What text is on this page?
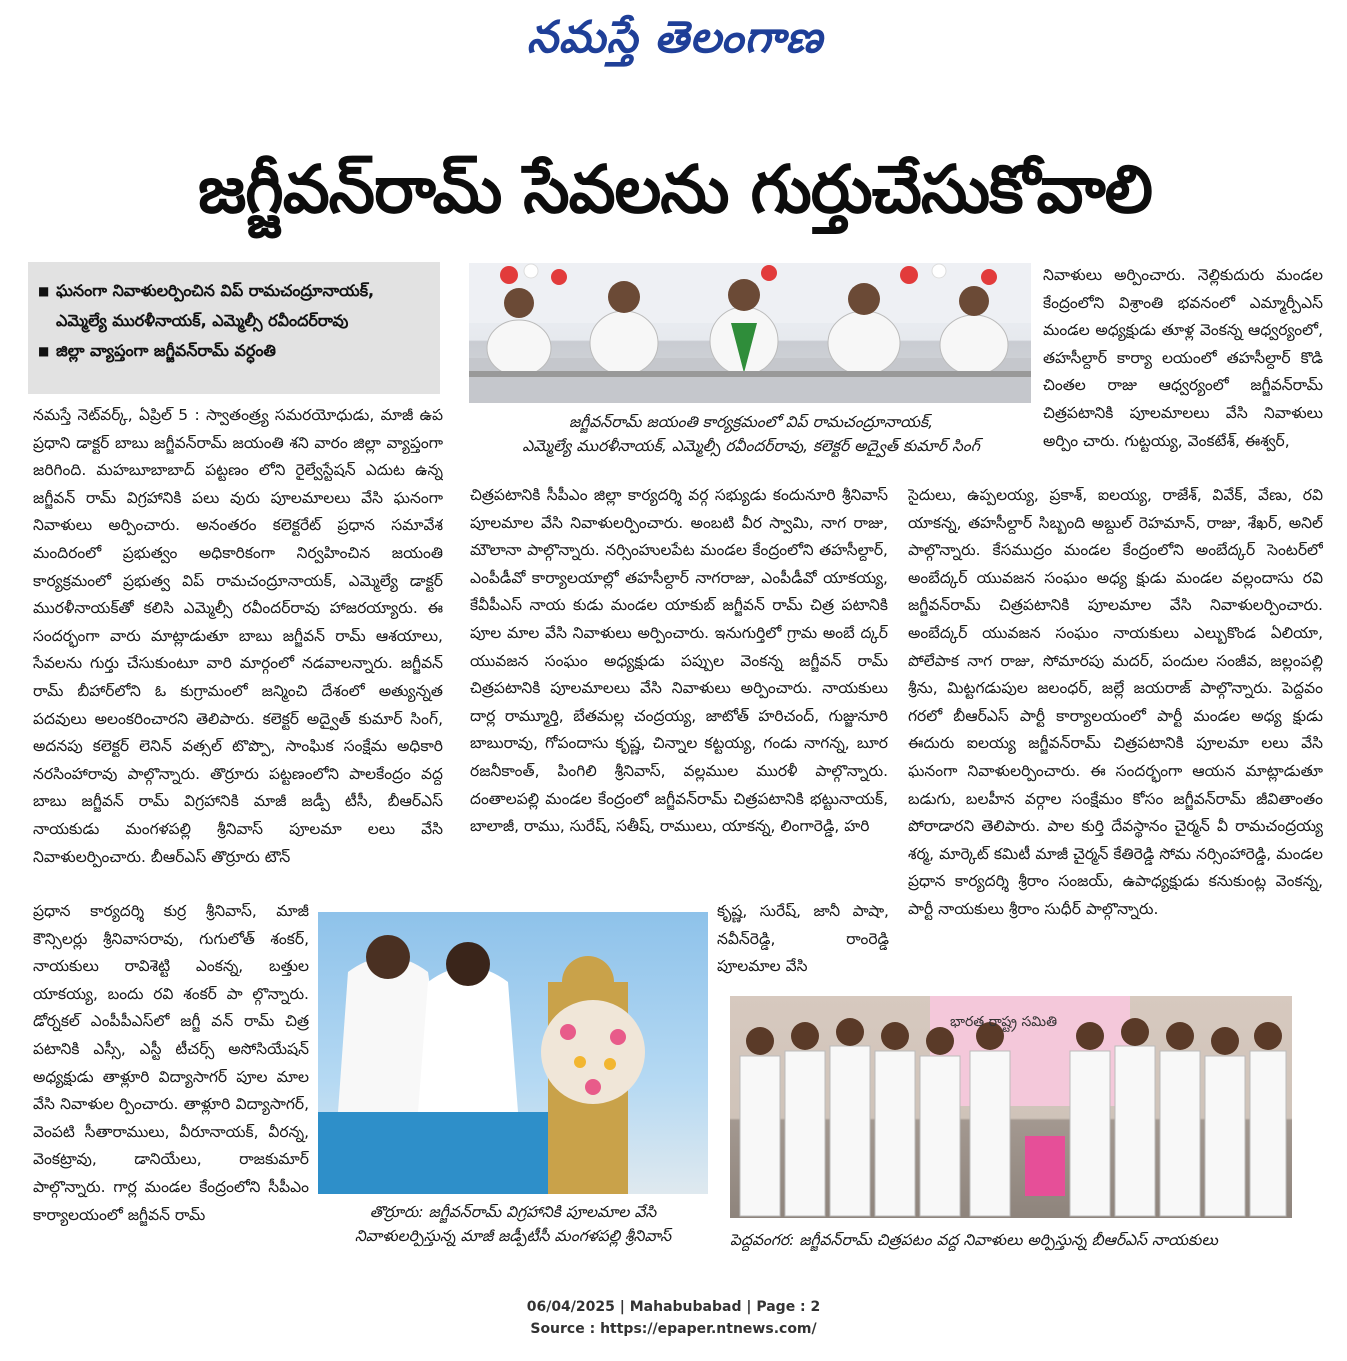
నమస్తే తెలంగాణ
జగ్జీవన్‌రామ్ సేవలను గుర్తుచేసుకోవాలి
■ ఘనంగా నివాళులర్పించిన విప్ రామచంద్రూనాయక్,
ఎమ్మెల్యే మురళీనాయక్, ఎమ్మెల్సీ రవీందర్‌రావు
■ జిల్లా వ్యాప్తంగా జగ్జీవన్‌రామ్ వర్ధంతి
జగ్జీవన్‌రామ్ జయంతి కార్యక్రమంలో విప్ రామచంద్రూనాయక్,
ఎమ్మెల్యే మురళీనాయక్, ఎమ్మెల్సీ రవీందర్‌రావు, కలెక్టర్ అద్వైత్ కుమార్ సింగ్

నమస్తే నెట్‌వర్క్, ఏప్రిల్ 5 : స్వాతంత్ర్య సమరయోధుడు, మాజీ ఉప ప్రధాని డాక్టర్ బాబు జగ్జీవన్‌రామ్ జయంతి శని వారం జిల్లా వ్యాప్తంగా జరిగింది. మహబూబాబాద్ పట్టణం లోని రైల్వేస్టేషన్ ఎదుట ఉన్న జగ్జీవన్ రామ్ విగ్రహానికి పలు వురు పూలమాలలు వేసి ఘనంగా నివాళులు అర్పించారు. అనంతరం కలెక్టరేట్ ప్రధాన సమావేశ మందిరంలో ప్రభుత్వం అధికారికంగా నిర్వహించిన జయంతి కార్యక్రమంలో ప్రభుత్వ విప్ రామచంద్రూనాయక్, ఎమ్మెల్యే డాక్టర్ మురళీనాయక్‌తో కలిసి ఎమ్మెల్సీ రవీందర్‌రావు హాజరయ్యారు. ఈ సందర్భంగా వారు మాట్లాడుతూ బాబు జగ్జీవన్ రామ్ ఆశయాలు, సేవలను గుర్తు చేసుకుంటూ వారి మార్గంలో నడవాలన్నారు. జగ్జీవన్ రామ్ బీహార్‌లోని ఓ కుగ్రామంలో జన్మించి దేశంలో అత్యున్నత పదవులు అలంకరించారని తెలిపారు. కలెక్టర్ అద్వైత్ కుమార్ సింగ్, అదనపు కలెక్టర్ లెనిన్ వత్సల్ టొప్పొ, సాంఘిక సంక్షేమ అధికారి నరసింహారావు పాల్గొన్నారు. తొర్రూరు పట్టణంలోని పాలకేంద్రం వద్ద బాబు జగ్జీవన్ రామ్ విగ్రహానికి మాజీ జడ్పీ టీసీ, బీఆర్‌ఎస్ నాయకుడు మంగళపల్లి శ్రీనివాస్ పూలమా లలు వేసి నివాళులర్పించారు. బీఆర్‌ఎస్ తొర్రూరు టౌన్

ప్రధాన కార్యదర్శి కుర్ర శ్రీనివాస్, మాజీ కౌన్సిలర్లు శ్రీనివాసరావు, గుగులోత్ శంకర్, నాయకులు రావిశెట్టి ఎంకన్న, బత్తుల యాకయ్య, బందు రవి శంకర్ పా ల్గొన్నారు. డోర్నకల్ ఎంపీపీఎస్‌లో జగ్జీ వన్ రామ్ చిత్ర పటానికి ఎస్సీ, ఎస్టీ టీచర్స్ అసోసియేషన్ అధ్యక్షుడు తాళ్లూరి విద్యాసాగర్ పూల మాల వేసి నివాళుల ర్పించారు. తాళ్లూరి విద్యాసాగర్, వెంపటి సీతారాములు, వీరూనాయక్, వీరన్న, వెంకట్రావు, డానియేలు, రాజకుమార్ పాల్గొన్నారు. గార్ల మండల కేంద్రంలోని సీపీఎం కార్యాలయంలో జగ్జీవన్ రామ్

చిత్రపటానికి సీపీఎం జిల్లా కార్యదర్శి వర్గ సభ్యుడు కందునూరి శ్రీనివాస్ పూలమాల వేసి నివాళులర్పించారు. అంబటి వీర స్వామి, నాగ రాజు, మౌలానా పాల్గొన్నారు. నర్సింహులపేట మండల కేంద్రంలోని తహసీల్దార్, ఎంపీడీవో కార్యాలయాల్లో తహసీల్దార్ నాగరాజు, ఎంపీడీవో యాకయ్య, కేవీపీఎస్ నాయ కుడు మండల యాకుబ్ జగ్జీవన్ రామ్ చిత్ర పటానికి పూల మాల వేసి నివాళులు అర్పించారు. ఇనుగుర్తిలో గ్రామ అంబే ద్కర్ యువజన సంఘం అధ్యక్షుడు పప్పుల వెంకన్న జగ్జీవన్ రామ్ చిత్రపటానికి పూలమాలలు వేసి నివాళులు అర్పించారు. నాయకులు దార్ల రామ్మూర్తి, బేతమల్ల చంద్రయ్య, జాటోత్ హరిచంద్, గుజ్జునూరి బాబురావు, గోపందాసు కృష్ణ, చిన్నాల కట్టయ్య, గండు నాగన్న, బూర రజనీకాంత్, పింగిలి శ్రీనివాస్, వల్లముల మురళీ పాల్గొన్నారు. దంతాలపల్లి మండల కేంద్రంలో జగ్జీవన్‌రామ్ చిత్రపటానికి భట్టునాయక్, బాలాజీ, రాము, సురేష్, సతీష్, రాములు, యాకన్న, లింగారెడ్డి, హరి

కృష్ణ, సురేష్, జానీ పాషా, నవీన్‌రెడ్డి, రాంరెడ్డి పూలమాల వేసి

నివాళులు అర్పించారు. నెల్లికుదురు మండల కేంద్రంలోని విశ్రాంతి భవనంలో ఎమ్మార్పీఎస్ మండల అధ్యక్షుడు తూళ్ల వెంకన్న ఆధ్వర్యంలో, తహసీల్దార్ కార్యా లయంలో తహసీల్దార్ కొడి చింతల రాజు ఆధ్వర్యంలో జగ్జీవన్‌రామ్ చిత్రపటానికి పూలమాలలు వేసి నివాళులు అర్పిం చారు. గుట్టయ్య, వెంకటేశ్, ఈశ్వర్,

సైదులు, ఉప్పలయ్య, ప్రకాశ్, ఐలయ్య, రాజేశ్, వివేక్, వేణు, రవి యాకన్న, తహసీల్దార్ సిబ్బంది అబ్దుల్ రెహమాన్, రాజు, శేఖర్, అనిల్ పాల్గొన్నారు. కేసముద్రం మండల కేంద్రంలోని అంబేద్కర్ సెంటర్‌లో అంబేద్కర్ యువజన సంఘం అధ్య క్షుడు మండల వల్లందాసు రవి జగ్జీవన్‌రామ్ చిత్రపటానికి పూలమాల వేసి నివాళులర్పించారు. అంబేద్కర్ యువజన సంఘం నాయకులు ఎల్బుకొండ ఏలియా, పోలేపాక నాగ రాజు, సోమారపు మదర్, పందుల సంజీవ, జల్లంపల్లి శ్రీను, మిట్టగడుపుల జలంధర్, జల్లే జయరాజ్ పాల్గొన్నారు. పెద్దవం గరలో బీఆర్‌ఎస్ పార్టీ కార్యాలయంలో పార్టీ మండల అధ్య క్షుడు ఈదురు ఐలయ్య జగ్జీవన్‌రామ్ చిత్రపటానికి పూలమా లలు వేసి ఘనంగా నివాళులర్పించారు. ఈ సందర్భంగా ఆయన మాట్లాడుతూ బడుగు, బలహీన వర్గాల సంక్షేమం కోసం జగ్జీవన్‌రామ్ జీవితాంతం పోరాడారని తెలిపారు. పాల కుర్తి దేవస్థానం చైర్మన్ వీ రామచంద్రయ్య శర్మ, మార్కెట్ కమిటీ మాజీ చైర్మన్ కేతిరెడ్డి సోమ నర్సింహారెడ్డి, మండల ప్రధాన కార్యదర్శి శ్రీరాం సంజయ్, ఉపాధ్యక్షుడు కనుకుంట్ల వెంకన్న, పార్టీ నాయకులు శ్రీరాం సుధీర్ పాల్గొన్నారు.

తొర్రూరు: జగ్జీవన్‌రామ్ విగ్రహానికి పూలమాల వేసి
నివాళులర్పిస్తున్న మాజీ జడ్పీటీసీ మంగళపల్లి శ్రీనివాస్
భారత రాష్ట్ర సమితి
పెద్దవంగర: జగ్జీవన్‌రామ్ చిత్రపటం వద్ద నివాళులు అర్పిస్తున్న బీఆర్‌ఎస్ నాయకులు
06/04/2025 | Mahabubabad | Page : 2
Source : https://epaper.ntnews.com/
